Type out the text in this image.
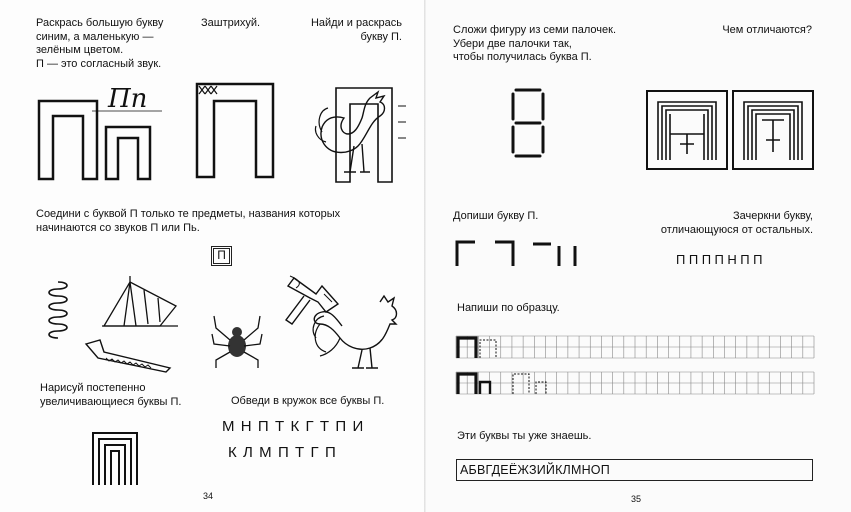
Раскрась большую букву
синим, а маленькую —
зелёным цветом.
П — это согласный звук.
Заштрихуй.	Найди и раскрась
букву П.
Пп
Соедини с буквой П только те предметы, названия которых
начинаются со звуков П или Пь.
П
Нарисуй постепенно
увеличивающиеся буквы П.	Обведи в кружок все буквы П.
МНПТКГТПИ
КЛМПТГП
34
Сложи фигуру из семи палочек.
Убери две палочки так,
чтобы получилась буква П.
Чем отличаются?
Допиши букву П.	Зачеркни букву,
отличающуюся от остальных.
ППППНПП
Напиши по образцу.
Эти буквы ты уже знаешь.
АБВГДЕЁЖЗИЙКЛМНОП
35
